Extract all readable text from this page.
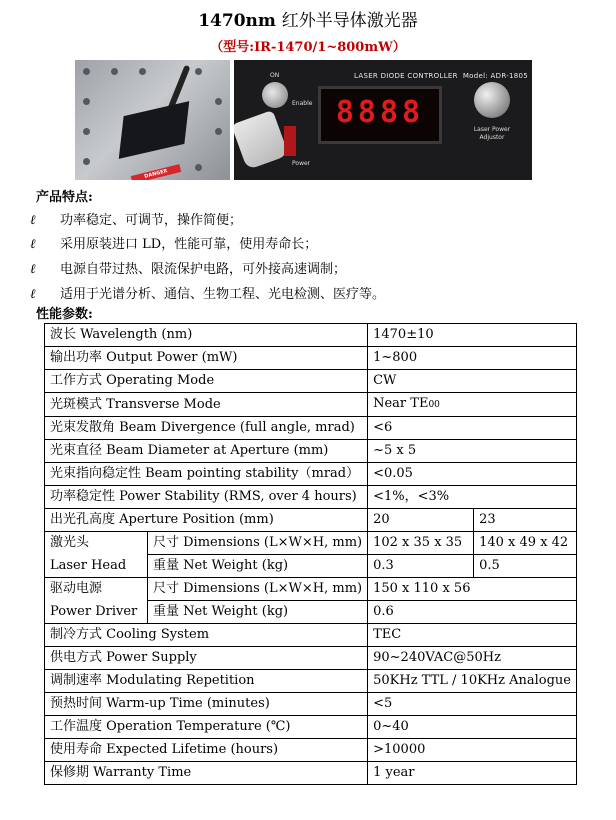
1470nm 红外半导体激光器
（型号:IR-1470/1~800mW）
DANGER
LASER DIODE CONTROLLER Model: ADR-1805
ON
Enable
Power
8888	Laser Power
Adjustor
产品特点:
ℓ 功率稳定、可调节，操作简便；
ℓ 采用原装进口 LD，性能可靠，使用寿命长；
ℓ 电源自带过热、限流保护电路，可外接高速调制；
ℓ 适用于光谱分析、通信、生物工程、光电检测、医疗等。
性能参数:
波长 Wavelength (nm)		1470±10	
输出功率 Output Power (mW)		1~800	
工作方式 Operating Mode		CW	
光斑模式 Transverse Mode		Near TE00	
光束发散角 Beam Divergence (full angle, mrad)		<6	
光束直径 Beam Diameter at Aperture (mm)		~5 x 5	
光束指向稳定性 Beam pointing stability（mrad）		<0.05	
功率稳定性 Power Stability (RMS, over 4 hours)		<1%，<3%	
出光孔高度 Aperture Position (mm)		20	23
激光头	尺寸 Dimensions (L×W×H, mm)	102 x 35 x 35	140 x 49 x 42
Laser Head	重量 Net Weight (kg)	0.3	0.5
驱动电源	尺寸 Dimensions (L×W×H, mm)	150 x 110 x 56	
Power Driver	重量 Net Weight (kg)	0.6	
制冷方式 Cooling System		TEC	
供电方式 Power Supply		90~240VAC@50Hz	
调制速率 Modulating Repetition		50KHz TTL / 10KHz Analogue	
预热时间 Warm-up Time (minutes)		<5	
工作温度 Operation Temperature (℃)		0~40	
使用寿命 Expected Lifetime (hours)		>10000	
保修期 Warranty Time		1 year	
